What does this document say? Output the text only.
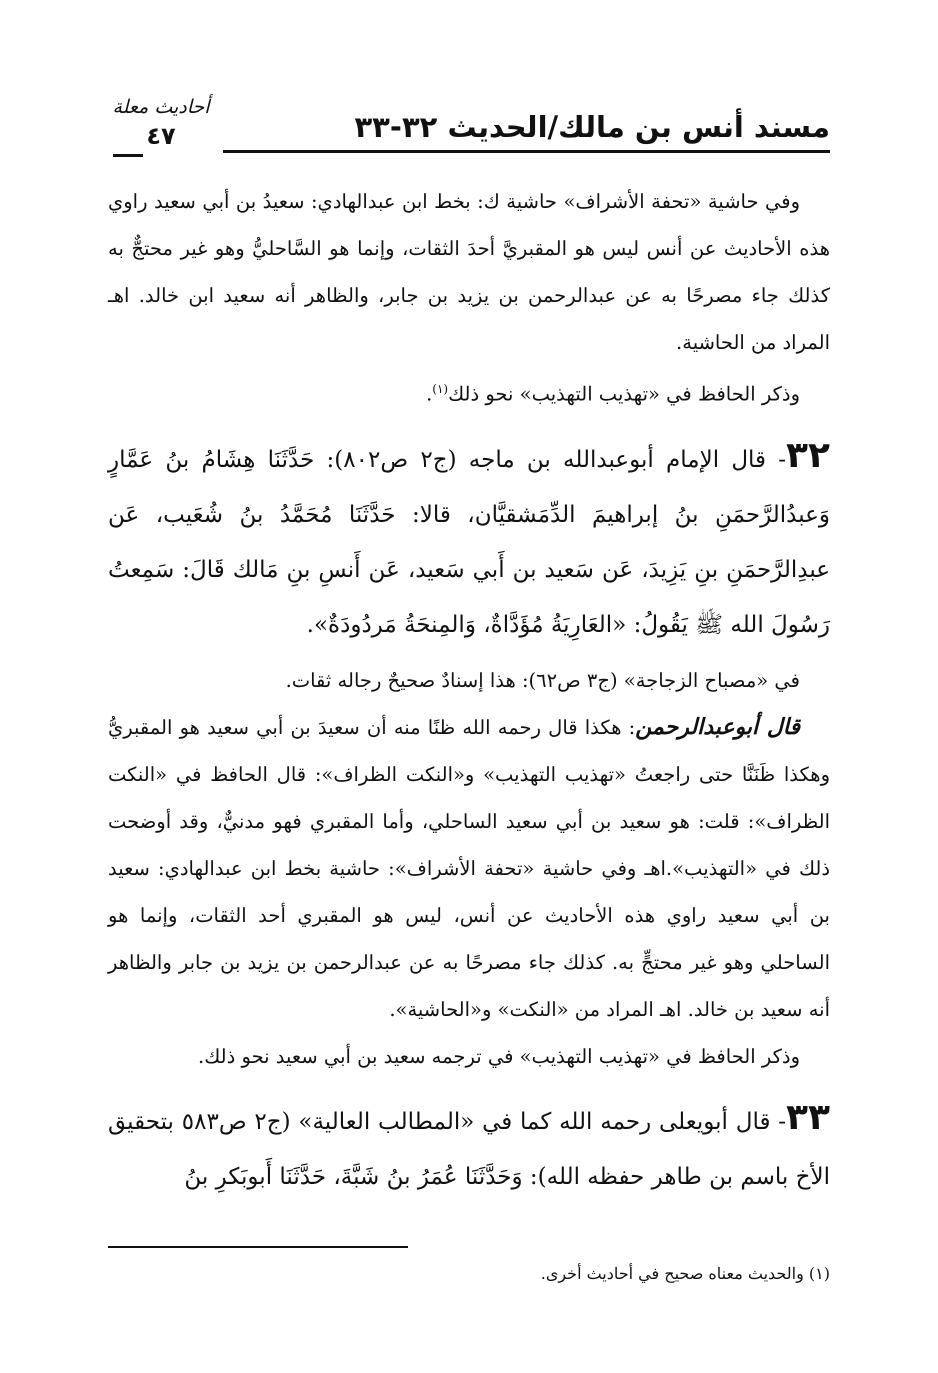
مسند أنس بن مالك/الحديث ٣٢-٣٣
أحاديث معلة
٤٧

وفي حاشية «تحفة الأشراف» حاشية ك: بخط ابن عبدالهادي: سعيدُ بن أبي سعيد راوي هذه الأحاديث عن أنس ليس هو المقبريَّ أحدَ الثقات، وإنما هو السَّاحليُّ وهو غير محتجٌّ به كذلك جاء مصرحًا به عن عبدالرحمن بن يزيد بن جابر، والظاهر أنه سعيد ابن خالد. اهـ المراد من الحاشية.

وذكر الحافظ في «تهذيب التهذيب» نحو ذلك$^{(١)}$.

٣٢- قال الإمام أبوعبدالله بن ماجه (ج٢ ص٨٠٢): حَدَّثَنَا هِشَامُ بنُ عَمَّارٍ وَعبدُالرَّحمَنِ بنُ إبراهيمَ الدِّمَشقيَّان، قالا: حَدَّثَنَا مُحَمَّدُ بنُ شُعَيب، عَن عبدِالرَّحمَنِ بنِ يَزِيدَ، عَن سَعيد بن أَبي سَعيد، عَن أَنسِ بنِ مَالك قَالَ: سَمِعتُ رَسُولَ الله ﷺ يَقُولُ: «العَارِيَةُ مُؤَدَّاةٌ، وَالمِنحَةُ مَردُودَةٌ».

في «مصباح الزجاجة» (ج٣ ص٦٢): هذا إسنادٌ صحيحٌ رجاله ثقات.

قال أبوعبدالرحمن: هكذا قال رحمه الله ظنًا منه أن سعيدَ بن أبي سعيد هو المقبريُّ وهكذا ظَنَنَّا حتى راجعتُ «تهذيب التهذيب» و«النكت الظراف»: قال الحافظ في «النكت الظراف»: قلت: هو سعيد بن أبي سعيد الساحلي، وأما المقبري فهو مدنيٌّ، وقد أوضحت ذلك في «التهذيب».اهـ وفي حاشية «تحفة الأشراف»: حاشية بخط ابن عبدالهادي: سعيد بن أبي سعيد راوي هذه الأحاديث عن أنس، ليس هو المقبري أحد الثقات، وإنما هو الساحلي وهو غير محتجٍّ به. كذلك جاء مصرحًا به عن عبدالرحمن بن يزيد بن جابر والظاهر أنه سعيد بن خالد. اهـ المراد من «النكت» و«الحاشية».

وذكر الحافظ في «تهذيب التهذيب» في ترجمه سعيد بن أبي سعيد نحو ذلك.

٣٣- قال أبويعلى رحمه الله كما في «المطالب العالية» (ج٢ ص٥٨٣ بتحقيق الأخ باسم بن طاهر حفظه الله): وَحَدَّثَنَا عُمَرُ بنُ شَبَّةَ، حَدَّثَنَا أَبوبَكرِ بنُ

(١) والحديث معناه صحيح في أحاديث أخرى.
